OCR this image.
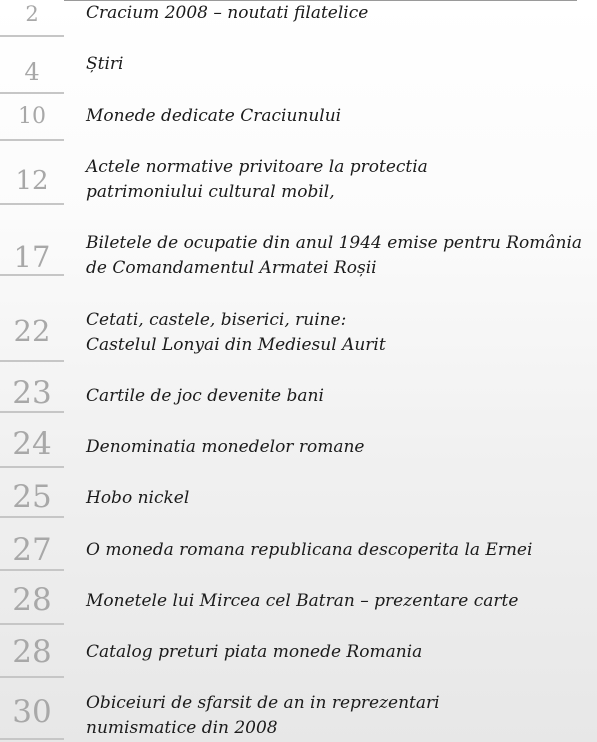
2	Cracium 2008 – noutati filatelice
4	Știri
10	Monede dedicate Craciunului
12	Actele normative privitoare la protectia
patrimoniului cultural mobil,
17	Biletele de ocupatie din anul 1944 emise pentru România
de Comandamentul Armatei Roșii
22	Cetati, castele, biserici, ruine:
Castelul Lonyai din Mediesul Aurit
23	Cartile de joc devenite bani
24	Denominatia monedelor romane
25	Hobo nickel
27	O moneda romana republicana descoperita la Ernei
28	Monetele lui Mircea cel Batran – prezentare carte
28	Catalog preturi piata monede Romania
30	Obiceiuri de sfarsit de an in reprezentari
numismatice din 2008
